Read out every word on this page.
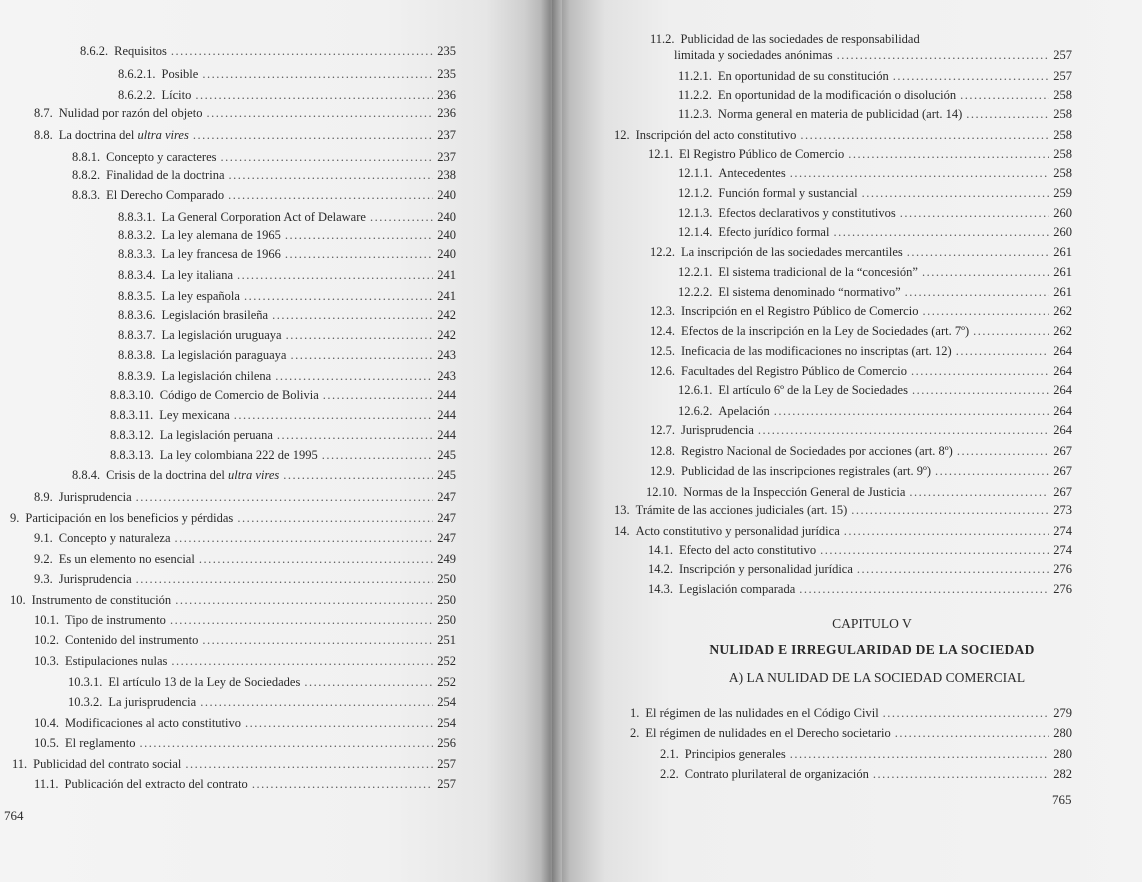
8.6.2. Requisitos .....	235
8.6.2.1. Posible .....	235
8.6.2.2. Lícito .....	236
8.7. Nulidad por razón del objeto .....	236
8.8. La doctrina del ultra vires .....	237
8.8.1. Concepto y caracteres .....	237
8.8.2. Finalidad de la doctrina .....	238
8.8.3. El Derecho Comparado .....	240
8.8.3.1. La General Corporation Act of Delaware .....	240
8.8.3.2. La ley alemana de 1965 .....	240
8.8.3.3. La ley francesa de 1966 .....	240
8.8.3.4. La ley italiana .....	241
8.8.3.5. La ley española .....	241
8.8.3.6. Legislación brasileña .....	242
8.8.3.7. La legislación uruguaya .....	242
8.8.3.8. La legislación paraguaya .....	243
8.8.3.9. La legislación chilena .....	243
8.8.3.10. Código de Comercio de Bolivia .....	244
8.8.3.11. Ley mexicana .....	244
8.8.3.12. La legislación peruana .....	244
8.8.3.13. La ley colombiana 222 de 1995 .....	245
8.8.4. Crisis de la doctrina del ultra vires .....	245
8.9. Jurisprudencia .....	247
9. Participación en los beneficios y pérdidas .....	247
9.1. Concepto y naturaleza .....	247
9.2. Es un elemento no esencial .....	249
9.3. Jurisprudencia .....	250
10. Instrumento de constitución .....	250
10.1. Tipo de instrumento .....	250
10.2. Contenido del instrumento .....	251
10.3. Estipulaciones nulas .....	252
10.3.1. El artículo 13 de la Ley de Sociedades .....	252
10.3.2. La jurisprudencia .....	254
10.4. Modificaciones al acto constitutivo .....	254
10.5. El reglamento .....	256
11. Publicidad del contrato social .....	257
11.1. Publicación del extracto del contrato .....	257
764
11.2. Publicidad de las sociedades de responsabilidad
limitada y sociedades anónimas .....	257
11.2.1. En oportunidad de su constitución .....	257
11.2.2. En oportunidad de la modificación o disolución .....	258
11.2.3. Norma general en materia de publicidad (art. 14) .....	258
12. Inscripción del acto constitutivo .....	258
12.1. El Registro Público de Comercio .....	258
12.1.1. Antecedentes .....	258
12.1.2. Función formal y sustancial .....	259
12.1.3. Efectos declarativos y constitutivos .....	260
12.1.4. Efecto jurídico formal .....	260
12.2. La inscripción de las sociedades mercantiles .....	261
12.2.1. El sistema tradicional de la “concesión” .....	261
12.2.2. El sistema denominado “normativo” .....	261
12.3. Inscripción en el Registro Público de Comercio .....	262
12.4. Efectos de la inscripción en la Ley de Sociedades (art. 7º) .....	262
12.5. Ineficacia de las modificaciones no inscriptas (art. 12) .....	264
12.6. Facultades del Registro Público de Comercio .....	264
12.6.1. El artículo 6º de la Ley de Sociedades .....	264
12.6.2. Apelación .....	264
12.7. Jurisprudencia .....	264
12.8. Registro Nacional de Sociedades por acciones (art. 8º) .....	267
12.9. Publicidad de las inscripciones registrales (art. 9º) .....	267
12.10. Normas de la Inspección General de Justicia .....	267
13. Trámite de las acciones judiciales (art. 15) .....	273
14. Acto constitutivo y personalidad jurídica .....	274
14.1. Efecto del acto constitutivo .....	274
14.2. Inscripción y personalidad jurídica .....	276
14.3. Legislación comparada .....	276
CAPITULO V
NULIDAD E IRREGULARIDAD DE LA SOCIEDAD
A) LA NULIDAD DE LA SOCIEDAD COMERCIAL
1. El régimen de las nulidades en el Código Civil .....	279
2. El régimen de nulidades en el Derecho societario .....	280
2.1. Principios generales .....	280
2.2. Contrato plurilateral de organización .....	282
765
